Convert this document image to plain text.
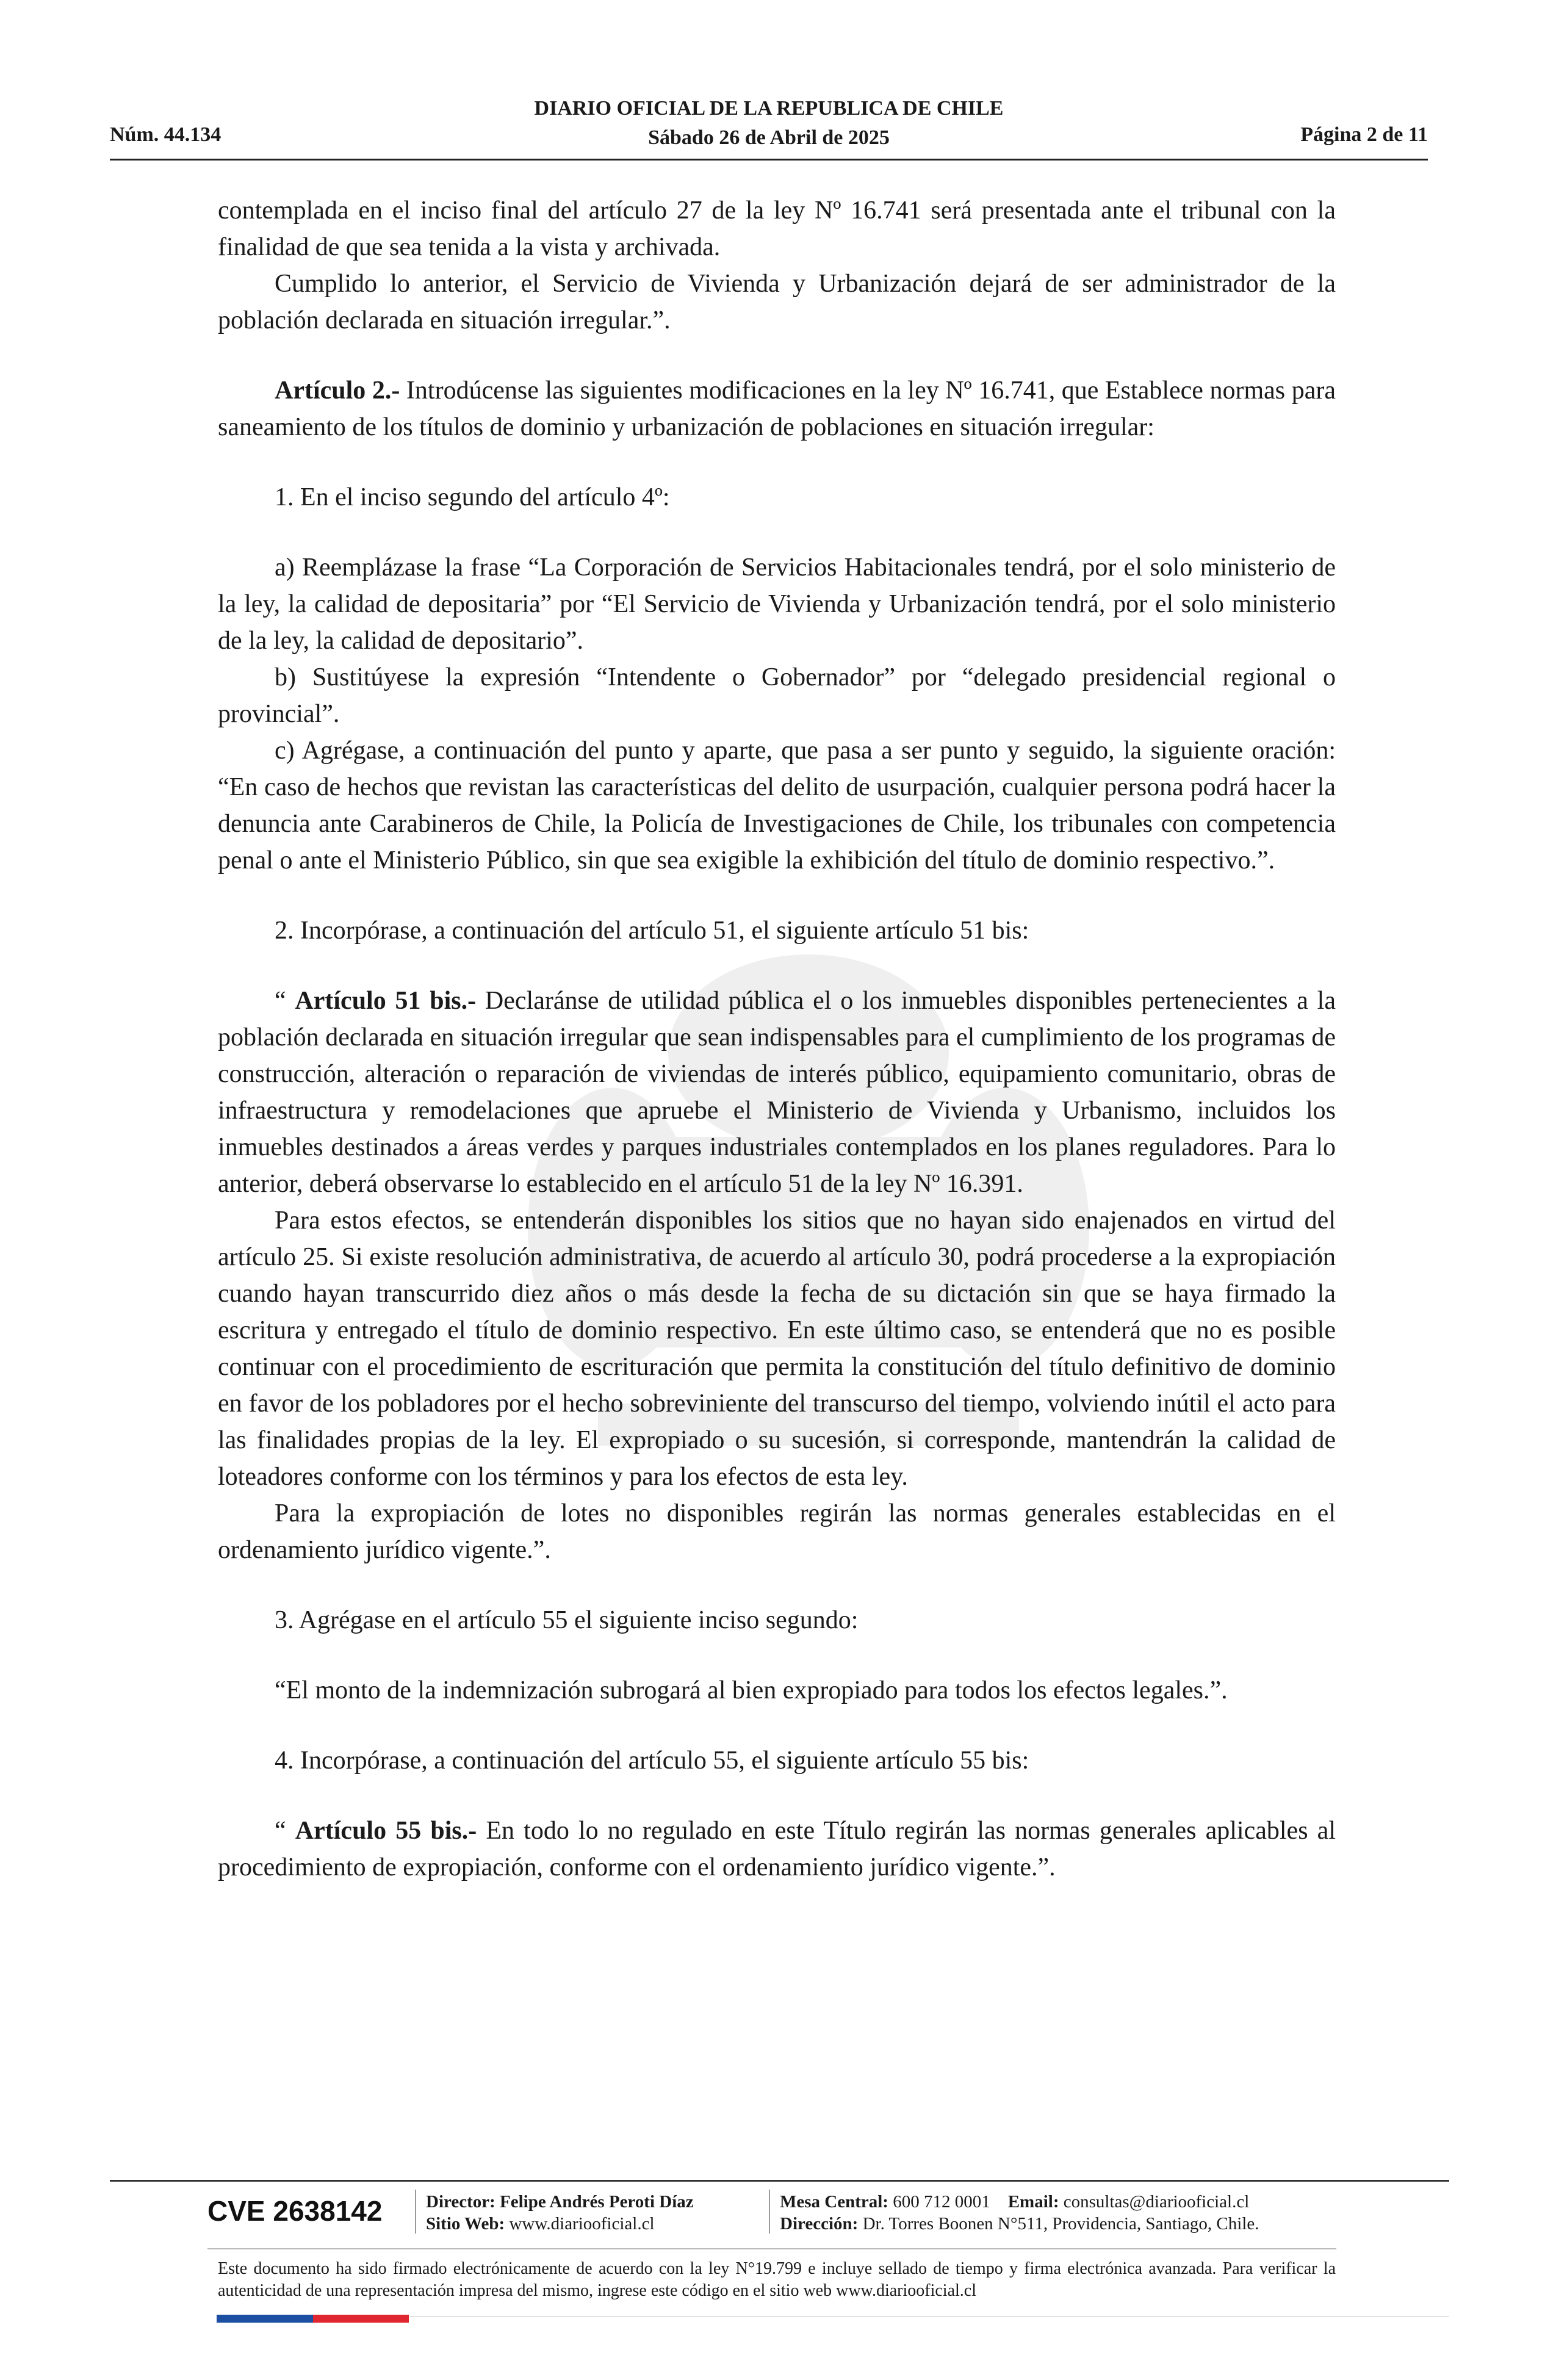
Núm. 44.134
DIARIO OFICIAL DE LA REPUBLICA DE CHILE
Sábado 26 de Abril de 2025	Página 2 de 11

contemplada en el inciso final del artículo 27 de la ley Nº 16.741 será presentada ante el tribunal con la finalidad de que sea tenida a la vista y archivada.

Cumplido lo anterior, el Servicio de Vivienda y Urbanización dejará de ser administrador de la población declarada en situación irregular.”.

Artículo 2.- Introdúcense las siguientes modificaciones en la ley Nº 16.741, que Establece normas para saneamiento de los títulos de dominio y urbanización de poblaciones en situación irregular:

1. En el inciso segundo del artículo 4º:

a) Reemplázase la frase “La Corporación de Servicios Habitacionales tendrá, por el solo ministerio de la ley, la calidad de depositaria” por “El Servicio de Vivienda y Urbanización tendrá, por el solo ministerio de la ley, la calidad de depositario”.

b) Sustitúyese la expresión “Intendente o Gobernador” por “delegado presidencial regional o provincial”.

c) Agrégase, a continuación del punto y aparte, que pasa a ser punto y seguido, la siguiente oración: “En caso de hechos que revistan las características del delito de usurpación, cualquier persona podrá hacer la denuncia ante Carabineros de Chile, la Policía de Investigaciones de Chile, los tribunales con competencia penal o ante el Ministerio Público, sin que sea exigible la exhibición del título de dominio respectivo.”.

2. Incorpórase, a continuación del artículo 51, el siguiente artículo 51 bis:

“ Artículo 51 bis.- Declaránse de utilidad pública el o los inmuebles disponibles pertenecientes a la población declarada en situación irregular que sean indispensables para el cumplimiento de los programas de construcción, alteración o reparación de viviendas de interés público, equipamiento comunitario, obras de infraestructura y remodelaciones que apruebe el Ministerio de Vivienda y Urbanismo, incluidos los inmuebles destinados a áreas verdes y parques industriales contemplados en los planes reguladores. Para lo anterior, deberá observarse lo establecido en el artículo 51 de la ley Nº 16.391.

Para estos efectos, se entenderán disponibles los sitios que no hayan sido enajenados en virtud del artículo 25. Si existe resolución administrativa, de acuerdo al artículo 30, podrá procederse a la expropiación cuando hayan transcurrido diez años o más desde la fecha de su dictación sin que se haya firmado la escritura y entregado el título de dominio respectivo. En este último caso, se entenderá que no es posible continuar con el procedimiento de escrituración que permita la constitución del título definitivo de dominio en favor de los pobladores por el hecho sobreviniente del transcurso del tiempo, volviendo inútil el acto para las finalidades propias de la ley. El expropiado o su sucesión, si corresponde, mantendrán la calidad de loteadores conforme con los términos y para los efectos de esta ley.

Para la expropiación de lotes no disponibles regirán las normas generales establecidas en el ordenamiento jurídico vigente.”.

3. Agrégase en el artículo 55 el siguiente inciso segundo:

“El monto de la indemnización subrogará al bien expropiado para todos los efectos legales.”.

4. Incorpórase, a continuación del artículo 55, el siguiente artículo 55 bis:

“ Artículo 55 bis.- En todo lo no regulado en este Título regirán las normas generales aplicables al procedimiento de expropiación, conforme con el ordenamiento jurídico vigente.”.

CVE 2638142	Director: Felipe Andrés Peroti Díaz
Sitio Web: www.diariooficial.cl
Mesa Central: 600 712 0001 Email: consultas@diariooficial.cl
Dirección: Dr. Torres Boonen N°511, Providencia, Santiago, Chile.
Este documento ha sido firmado electrónicamente de acuerdo con la ley N°19.799 e incluye sellado de tiempo y firma electrónica avanzada. Para verificar la autenticidad de una representación impresa del mismo, ingrese este código en el sitio web www.diariooficial.cl
